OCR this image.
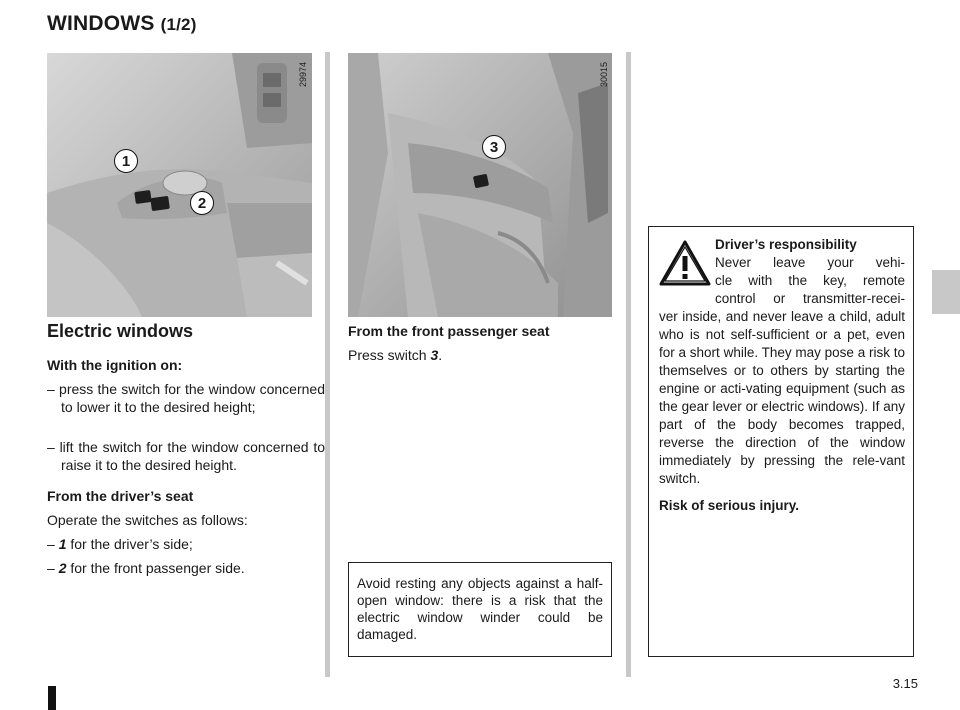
WINDOWS (1/2)
29974
1
2
30015
3
Electric windows
With the ignition on:
– press the switch for the window concerned to lower it to the desired height;
– lift the switch for the window concerned to raise it to the desired height.
From the driver’s seat
Operate the switches as follows:
– 1 for the driver’s side;
– 2 for the front passenger side.
From the front passenger seat
Press switch 3.
Avoid resting any objects against a half-open window: there is a risk that the electric window winder could be damaged.
Driver’s responsibility
Never leave your vehi-
cle with the key, remote
control or transmitter-recei-
ver inside, and never leave a child, adult who is not self-sufficient or a pet, even for a short while. They may pose a risk to themselves or to others by starting the engine or acti-vating equipment (such as the gear lever or electric windows). If any part of the body becomes trapped, reverse the direction of the window immediately by pressing the rele-vant switch.
Risk of serious injury.
3.15
